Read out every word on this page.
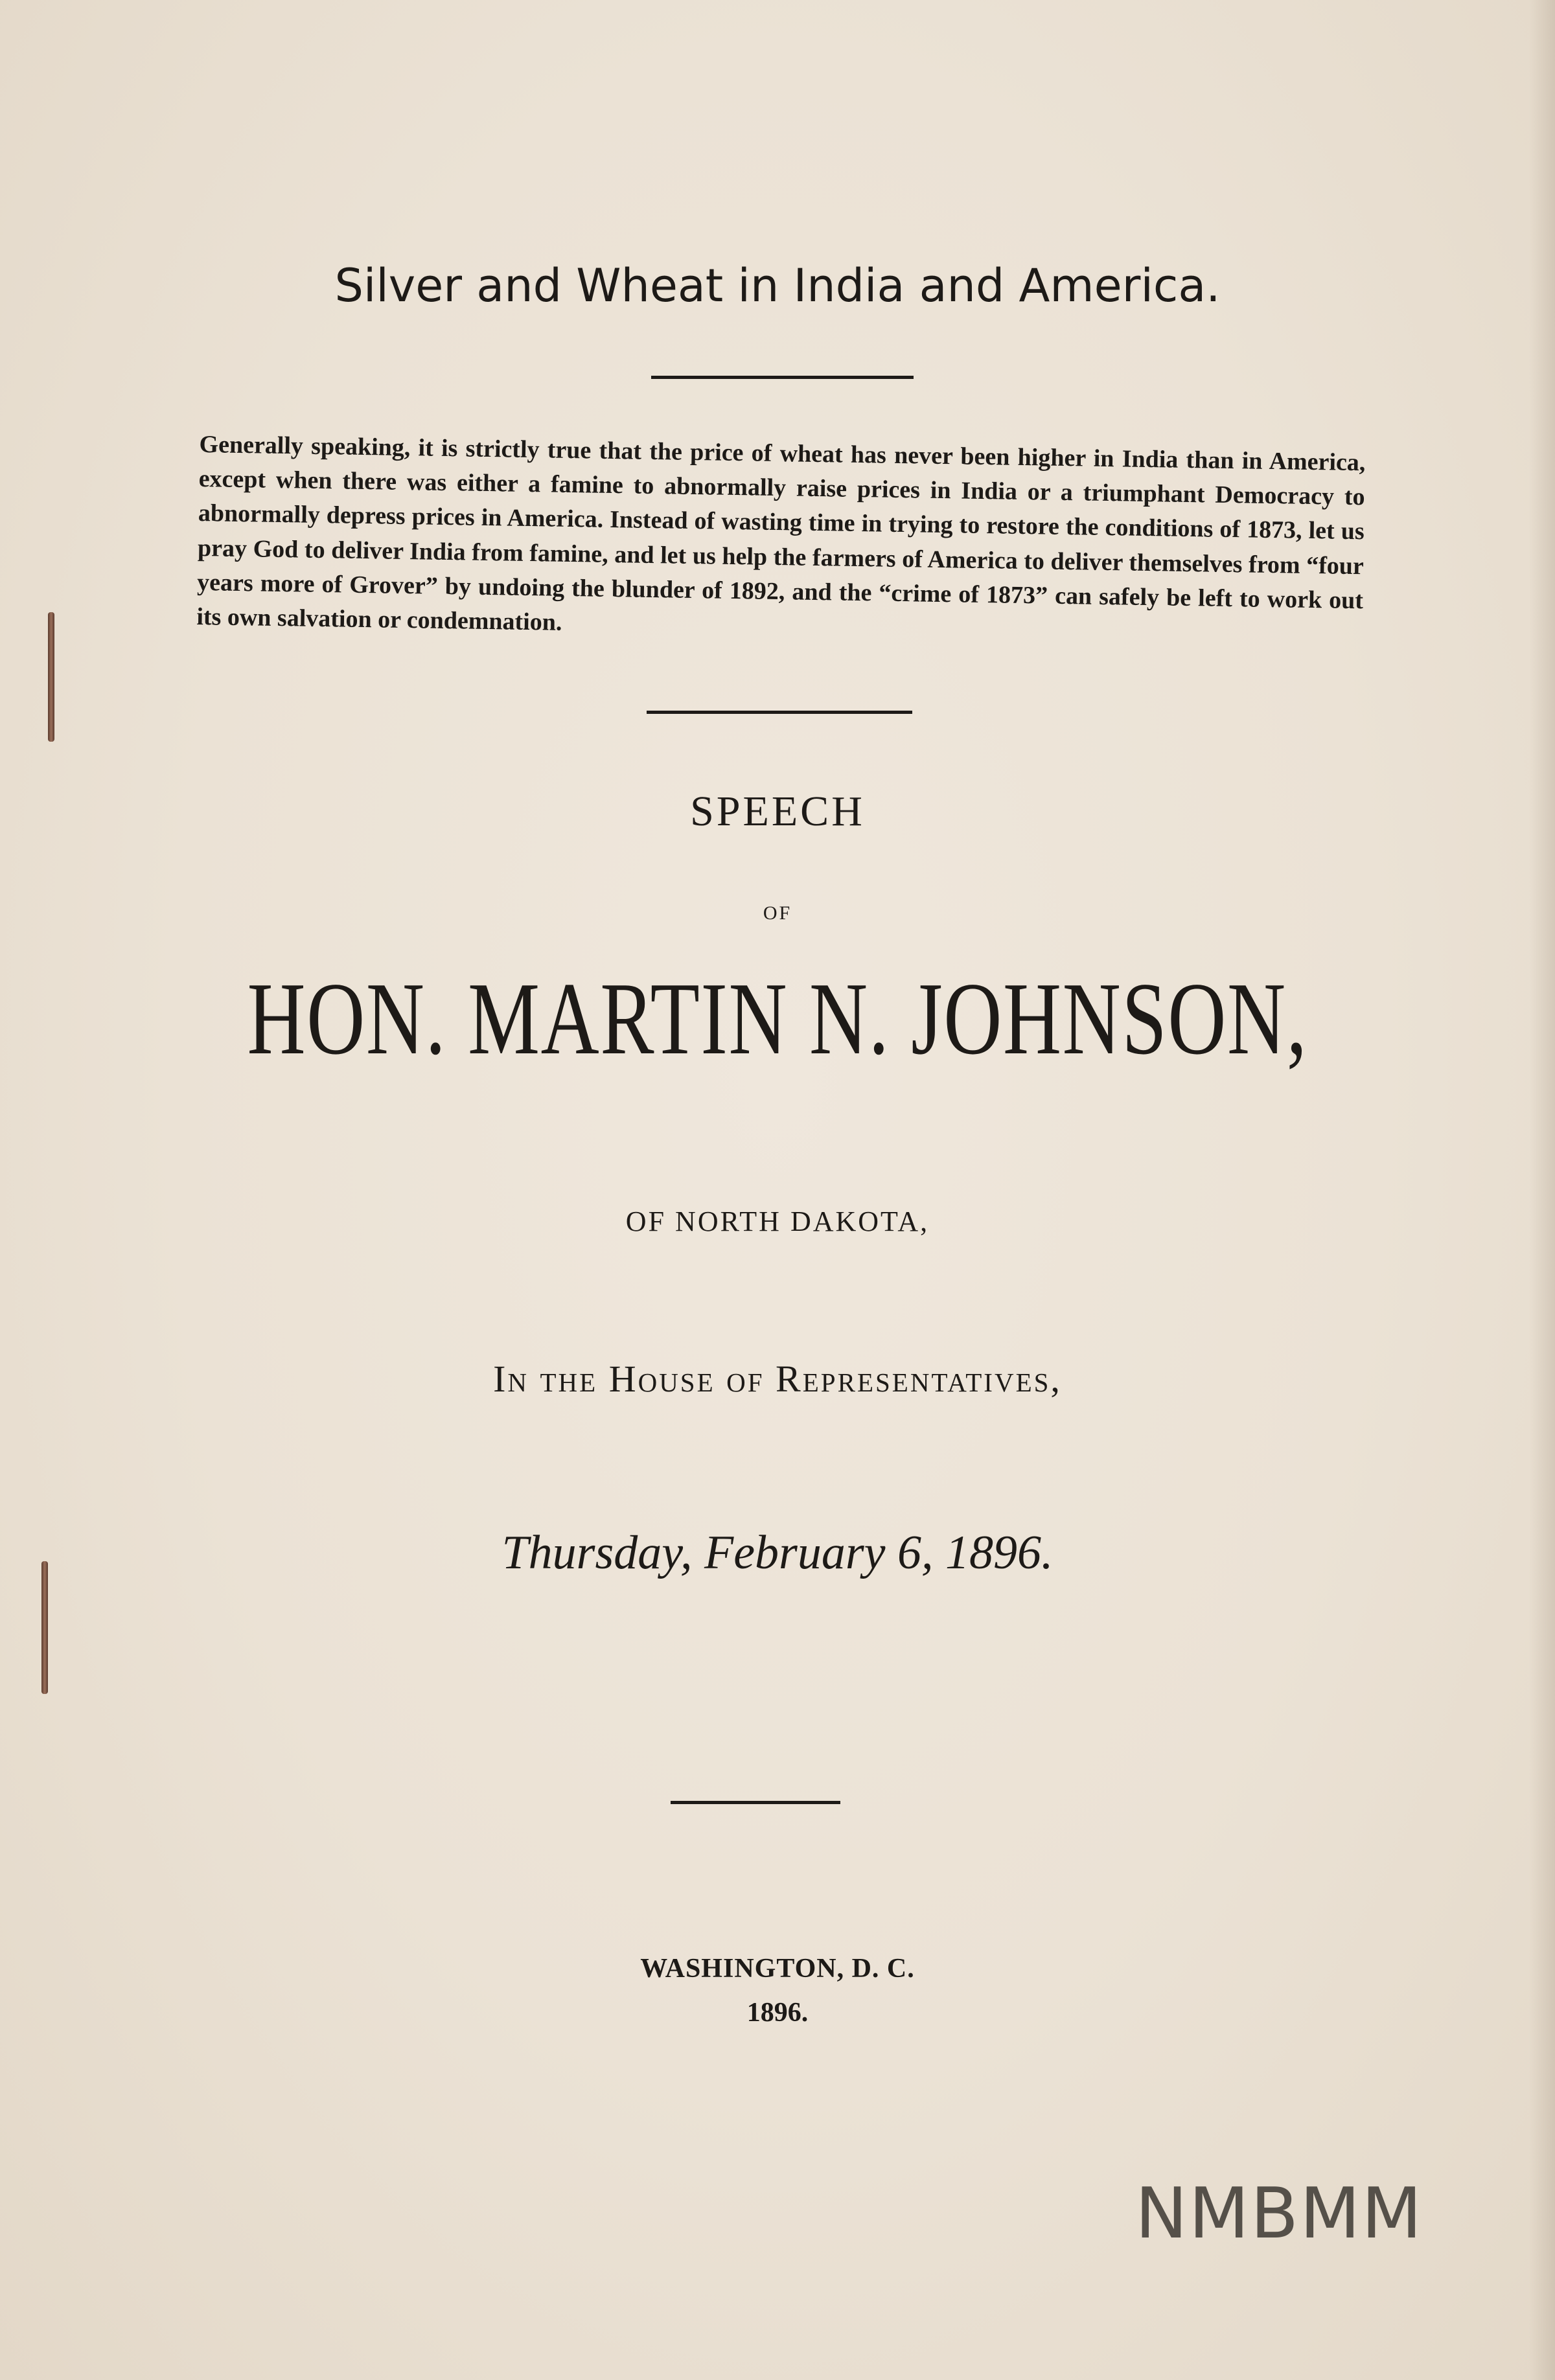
Silver and Wheat in India and America.
Generally speaking, it is strictly true that the price of wheat has never been higher in India than in America, except when there was either a famine to abnormally raise prices in India or a triumphant Democracy to abnormally depress prices in America. Instead of wasting time in trying to restore the conditions of 1873, let us pray God to deliver India from famine, and let us help the farmers of America to deliver themselves from “four years more of Grover” by undoing the blunder of 1892, and the “crime of 1873” can safely be left to work out its own salvation or condemnation.
SPEECH
OF
HON. MARTIN N. JOHNSON,
OF NORTH DAKOTA,
In the House of Representatives,
Thursday, February 6, 1896.
WASHINGTON, D. C.
1896.
NMBMM
